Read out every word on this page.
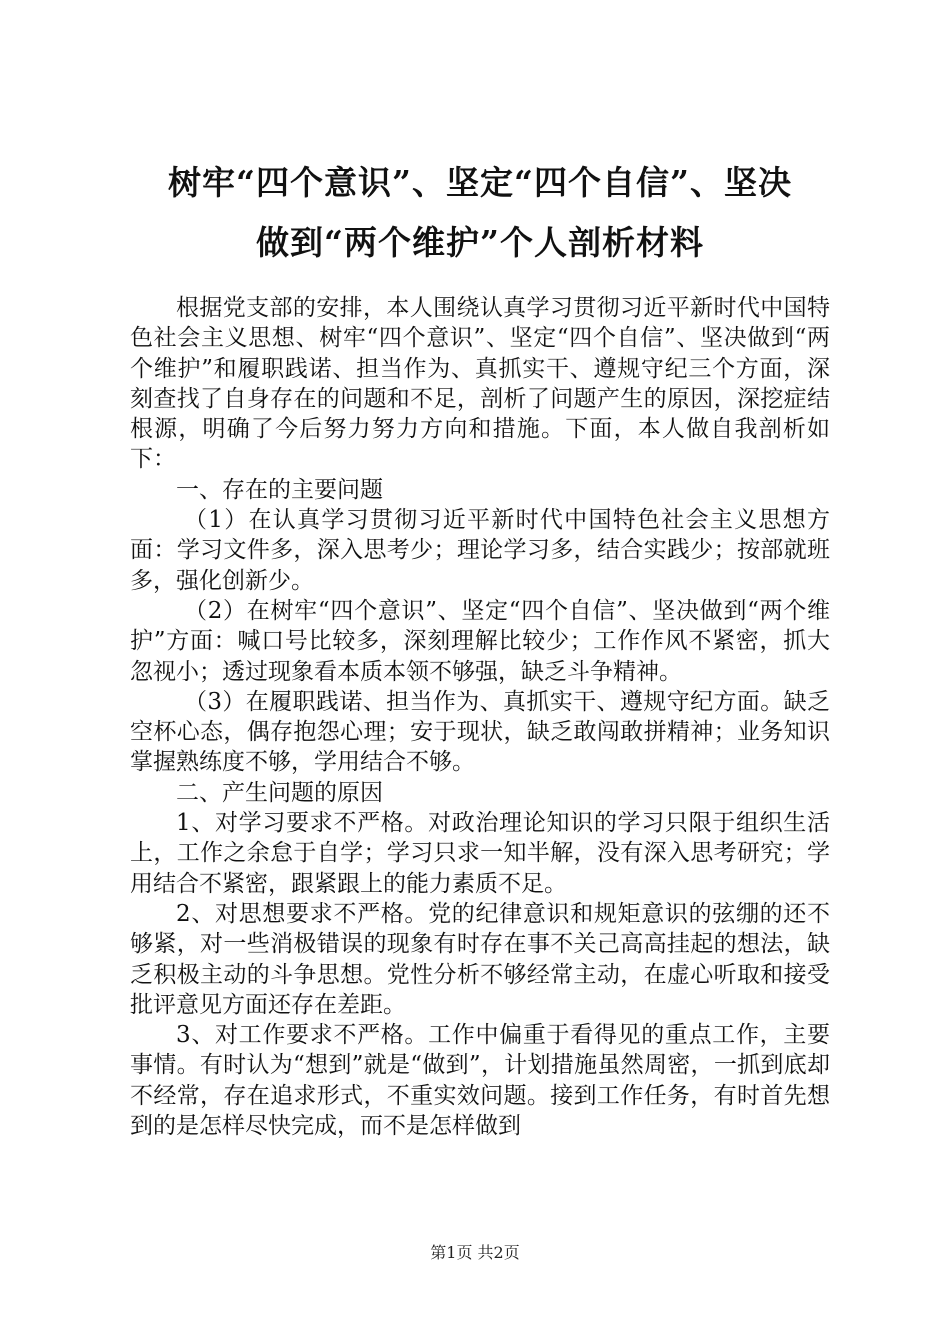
树牢“四个意识”、坚定“四个自信”、坚决
做到“两个维护”个人剖析材料

根据党支部的安排，本人围绕认真学习贯彻习近平新时代中国特色社会主义思想、树牢“四个意识”、坚定“四个自信”、坚决做到“两个维护”和履职践诺、担当作为、真抓实干、遵规守纪三个方面，深刻查找了自身存在的问题和不足，剖析了问题产生的原因，深挖症结根源，明确了今后努力努力方向和措施。下面，本人做自我剖析如下：

一、存在的主要问题

（1）在认真学习贯彻习近平新时代中国特色社会主义思想方面：学习文件多，深入思考少；理论学习多，结合实践少；按部就班多，强化创新少。

（2）在树牢“四个意识”、坚定“四个自信”、坚决做到“两个维护”方面：喊口号比较多，深刻理解比较少；工作作风不紧密，抓大忽视小；透过现象看本质本领不够强，缺乏斗争精神。

（3）在履职践诺、担当作为、真抓实干、遵规守纪方面。缺乏空杯心态，偶存抱怨心理；安于现状，缺乏敢闯敢拼精神；业务知识掌握熟练度不够，学用结合不够。

二、产生问题的原因

1、对学习要求不严格。对政治理论知识的学习只限于组织生活上，工作之余怠于自学；学习只求一知半解，没有深入思考研究；学用结合不紧密，跟紧跟上的能力素质不足。

2、对思想要求不严格。党的纪律意识和规矩意识的弦绷的还不够紧，对一些消极错误的现象有时存在事不关己高高挂起的想法，缺乏积极主动的斗争思想。党性分析不够经常主动，在虚心听取和接受批评意见方面还存在差距。

3、对工作要求不严格。工作中偏重于看得见的重点工作，主要事情。有时认为“想到”就是“做到”，计划措施虽然周密，一抓到底却不经常，存在追求形式，不重实效问题。接到工作任务，有时首先想到的是怎样尽快完成，而不是怎样做到

第1页 共2页
